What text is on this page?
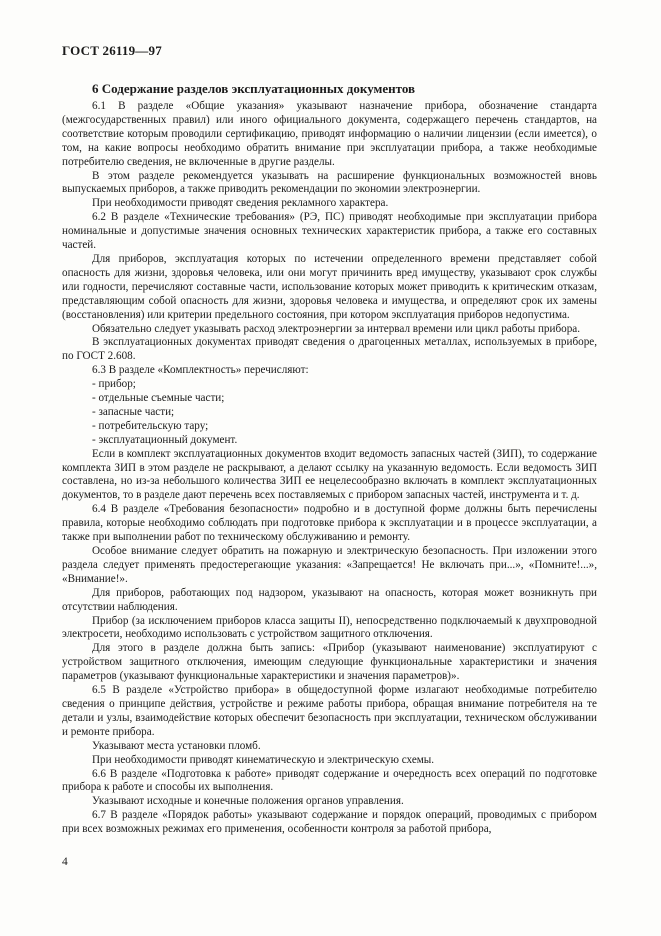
ГОСТ 26119—97
6 Содержание разделов эксплуатационных документов

6.1 В разделе «Общие указания» указывают назначение прибора, обозначение стандарта (межгосударственных правил) или иного официального документа, содержащего перечень стандартов, на соответствие которым проводили сертификацию, приводят информацию о наличии лицензии (если имеется), о том, на какие вопросы необходимо обратить внимание при эксплуатации прибора, а также необходимые потребителю сведения, не включенные в другие разделы.

В этом разделе рекомендуется указывать на расширение функциональных возможностей вновь выпускаемых приборов, а также приводить рекомендации по экономии электроэнергии.

При необходимости приводят сведения рекламного характера.

6.2 В разделе «Технические требования» (РЭ, ПС) приводят необходимые при эксплуатации прибора номинальные и допустимые значения основных технических характеристик прибора, а также его составных частей.

Для приборов, эксплуатация которых по истечении определенного времени представляет собой опасность для жизни, здоровья человека, или они могут причинить вред имуществу, указывают срок службы или годности, перечисляют составные части, использование которых может приводить к критическим отказам, представляющим собой опасность для жизни, здоровья человека и имущества, и определяют срок их замены (восстановления) или критерии предельного состояния, при котором эксплуатация приборов недопустима.

Обязательно следует указывать расход электроэнергии за интервал времени или цикл работы прибора.

В эксплуатационных документах приводят сведения о драгоценных металлах, используемых в приборе, по ГОСТ 2.608.

6.3 В разделе «Комплектность» перечисляют:

- прибор;

- отдельные съемные части;

- запасные части;

- потребительскую тару;

- эксплуатационный документ.

Если в комплект эксплуатационных документов входит ведомость запасных частей (ЗИП), то содержание комплекта ЗИП в этом разделе не раскрывают, а делают ссылку на указанную ведомость. Если ведомость ЗИП составлена, но из-за небольшого количества ЗИП ее нецелесообразно включать в комплект эксплуатационных документов, то в разделе дают перечень всех поставляемых с прибором запасных частей, инструмента и т. д.

6.4 В разделе «Требования безопасности» подробно и в доступной форме должны быть перечислены правила, которые необходимо соблюдать при подготовке прибора к эксплуатации и в процессе эксплуатации, а также при выполнении работ по техническому обслуживанию и ремонту.

Особое внимание следует обратить на пожарную и электрическую безопасность. При изложении этого раздела следует применять предостерегающие указания: «Запрещается! Не включать при...», «Помните!...», «Внимание!».

Для приборов, работающих под надзором, указывают на опасность, которая может возникнуть при отсутствии наблюдения.

Прибор (за исключением приборов класса защиты II), непосредственно подключаемый к двухпроводной электросети, необходимо использовать с устройством защитного отключения.

Для этого в разделе должна быть запись: «Прибор (указывают наименование) эксплуатируют с устройством защитного отключения, имеющим следующие функциональные характеристики и значения параметров (указывают функциональные характеристики и значения параметров)».

6.5 В разделе «Устройство прибора» в общедоступной форме излагают необходимые потребителю сведения о принципе действия, устройстве и режиме работы прибора, обращая внимание потребителя на те детали и узлы, взаимодействие которых обеспечит безопасность при эксплуатации, техническом обслуживании и ремонте прибора.

Указывают места установки пломб.

При необходимости приводят кинематическую и электрическую схемы.

6.6 В разделе «Подготовка к работе» приводят содержание и очередность всех операций по подготовке прибора к работе и способы их выполнения.

Указывают исходные и конечные положения органов управления.

6.7 В разделе «Порядок работы» указывают содержание и порядок операций, проводимых с прибором при всех возможных режимах его применения, особенности контроля за работой прибора,

4
